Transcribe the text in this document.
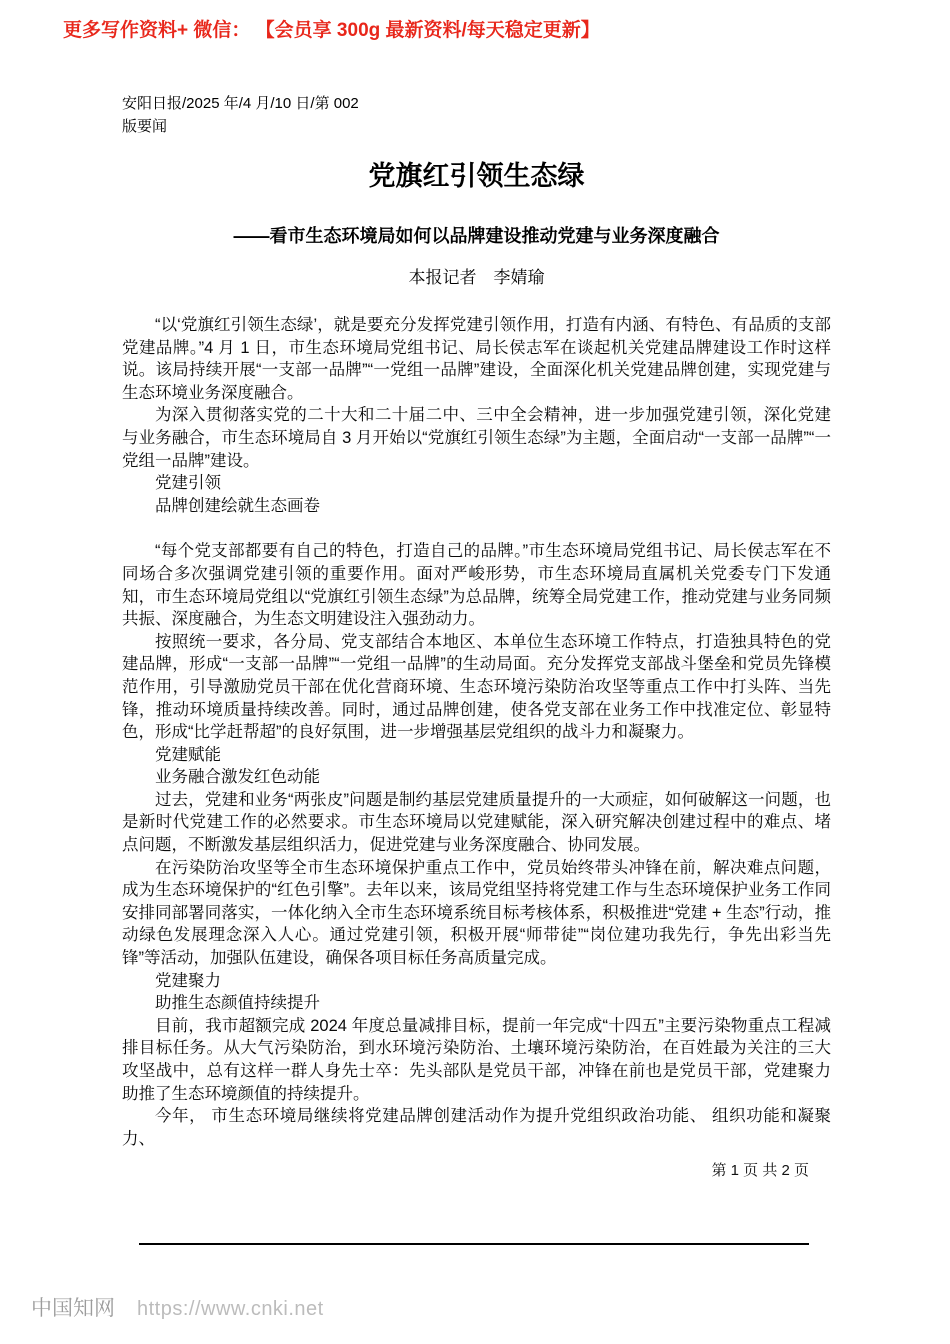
更多写作资料+ 微信： 【会员享 300g 最新资料/每天稳定更新】
安阳日报/2025 年/4 月/10 日/第 002
版要闻
党旗红引领生态绿
——看市生态环境局如何以品牌建设推动党建与业务深度融合
本报记者　李婧瑜
“以‘党旗红引领生态绿’，就是要充分发挥党建引领作用，打造有内涵、有特色、有品质的支部党建品牌。”4 月 1 日，市生态环境局党组书记、局长侯志军在谈起机关党建品牌建设工作时这样说。该局持续开展“一支部一品牌”“一党组一品牌”建设，全面深化机关党建品牌创建，实现党建与生态环境业务深度融合。
为深入贯彻落实党的二十大和二十届二中、三中全会精神，进一步加强党建引领，深化党建与业务融合，市生态环境局自 3 月开始以“党旗红引领生态绿”为主题，全面启动“一支部一品牌”“一党组一品牌”建设。
党建引领
品牌创建绘就生态画卷
“每个党支部都要有自己的特色，打造自己的品牌。”市生态环境局党组书记、局长侯志军在不同场合多次强调党建引领的重要作用。面对严峻形势，市生态环境局直属机关党委专门下发通知，市生态环境局党组以“党旗红引领生态绿”为总品牌，统筹全局党建工作，推动党建与业务同频共振、深度融合，为生态文明建设注入强劲动力。
按照统一要求，各分局、党支部结合本地区、本单位生态环境工作特点，打造独具特色的党建品牌，形成“一支部一品牌”“一党组一品牌”的生动局面。充分发挥党支部战斗堡垒和党员先锋模范作用，引导激励党员干部在优化营商环境、生态环境污染防治攻坚等重点工作中打头阵、当先锋，推动环境质量持续改善。同时，通过品牌创建，使各党支部在业务工作中找准定位、彰显特色，形成“比学赶帮超”的良好氛围，进一步增强基层党组织的战斗力和凝聚力。
党建赋能
业务融合激发红色动能
过去，党建和业务“两张皮”问题是制约基层党建质量提升的一大顽症，如何破解这一问题，也是新时代党建工作的必然要求。市生态环境局以党建赋能，深入研究解决创建过程中的难点、堵点问题，不断激发基层组织活力，促进党建与业务深度融合、协同发展。
在污染防治攻坚等全市生态环境保护重点工作中，党员始终带头冲锋在前，解决难点问题，成为生态环境保护的“红色引擎”。去年以来，该局党组坚持将党建工作与生态环境保护业务工作同安排同部署同落实，一体化纳入全市生态环境系统目标考核体系，积极推进“党建 + 生态”行动，推动绿色发展理念深入人心。通过党建引领，积极开展“师带徒”“岗位建功我先行，争先出彩当先锋”等活动，加强队伍建设，确保各项目标任务高质量完成。
党建聚力
助推生态颜值持续提升
目前，我市超额完成 2024 年度总量减排目标，提前一年完成“十四五”主要污染物重点工程减排目标任务。从大气污染防治，到水环境污染防治、土壤环境污染防治，在百姓最为关注的三大攻坚战中，总有这样一群人身先士卒：先头部队是党员干部，冲锋在前也是党员干部，党建聚力助推了生态环境颜值的持续提升。
今年， 市生态环境局继续将党建品牌创建活动作为提升党组织政治功能、 组织功能和凝聚力、
第 1 页 共 2 页
中国知网 https://www.cnki.net
